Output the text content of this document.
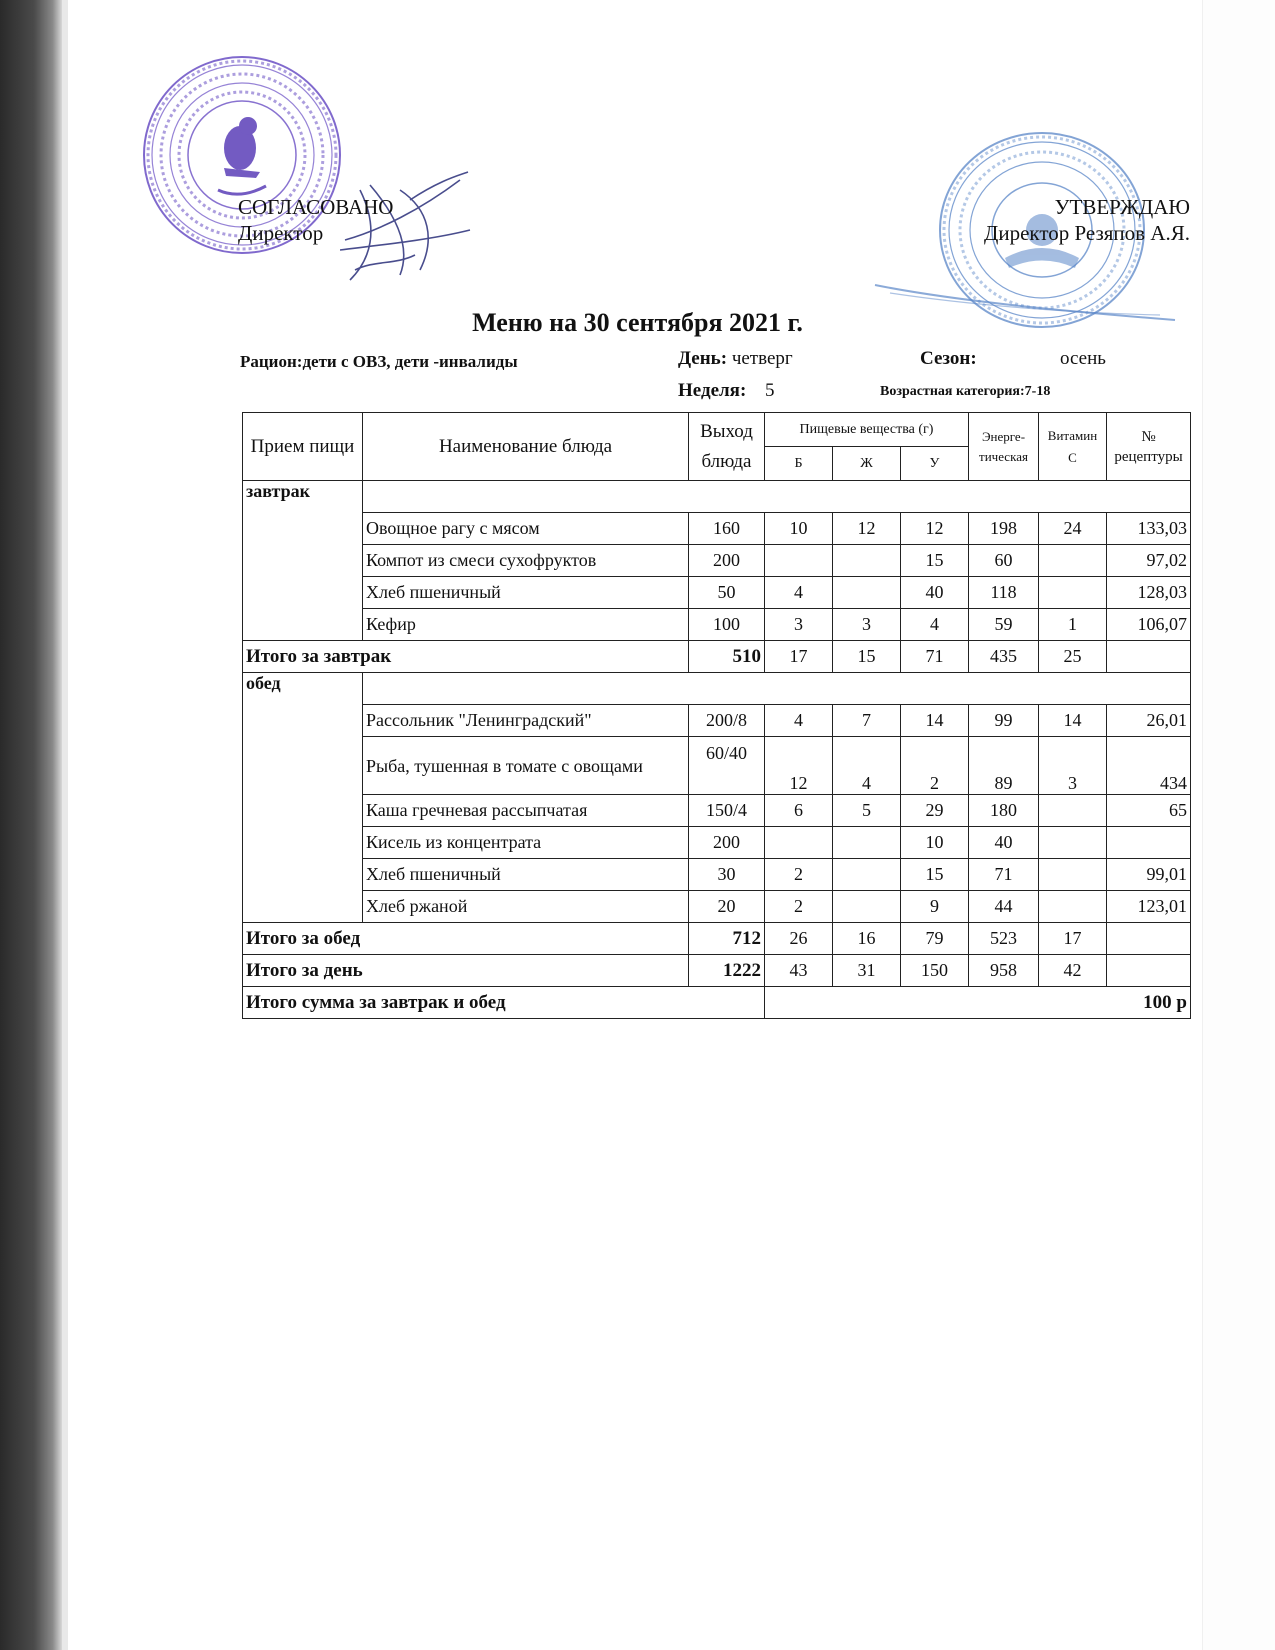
СОГЛАСОВАНО
Директор
УТВЕРЖДАЮ
Директор Резяпов А.Я.
Меню на 30 сентября 2021 г.
Рацион:дети с ОВЗ, дети -инвалиды	День: четверг	Сезон:	осень
Неделя: 5	Возрастная категория:7-18
Прием пищи	Наименование блюда	Выход блюда	Пищевые вещества (г)			Энерге-тическая	Витамин С	№ рецептуры
			Б	Ж	У			
завтрак								
	Овощное рагу с мясом	160	10	12	12	198	24	133,03
	Компот из смеси сухофруктов	200			15	60		97,02
	Хлеб пшеничный	50	4		40	118		128,03
	Кефир	100	3	3	4	59	1	106,07
Итого за завтрак		510	17	15	71	435	25	
обед								
	Рассольник "Ленинградский"	200/8	4	7	14	99	14	26,01
	Рыба, тушенная в томате с овощами	60/40	12	4	2	89	3	434
	Каша гречневая рассыпчатая	150/4	6	5	29	180		65
	Кисель из концентрата	200			10	40		
	Хлеб пшеничный	30	2		15	71		99,01
	Хлеб ржаной	20	2		9	44		123,01
Итого за обед		712	26	16	79	523	17	
Итого за день		1222	43	31	150	958	42	
Итого сумма за завтрак и обед			100 р					
